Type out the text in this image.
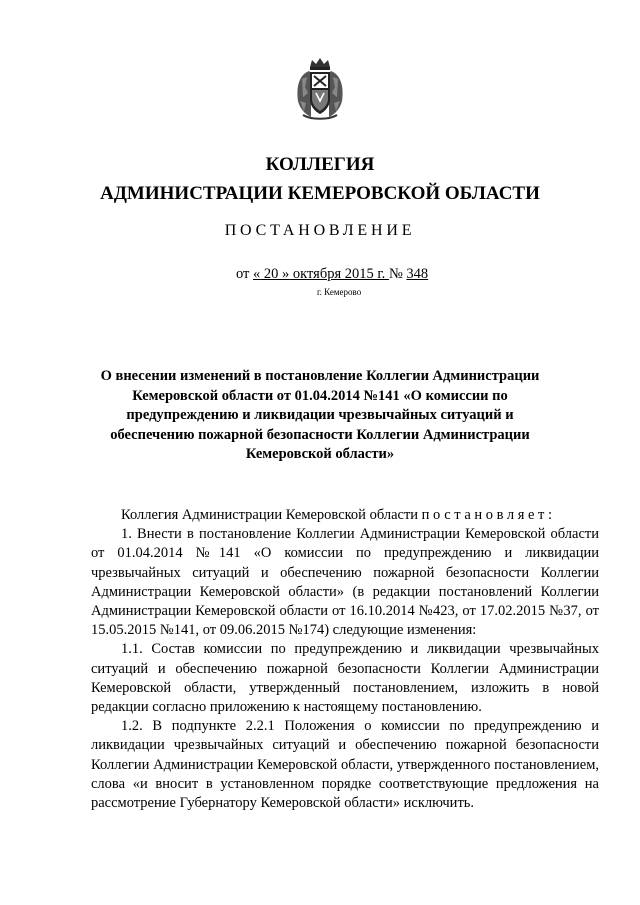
КОЛЛЕГИЯ
АДМИНИСТРАЦИИ КЕМЕРОВСКОЙ ОБЛАСТИ
ПОСТАНОВЛЕНИЕ
от « 20 » октября 2015 г. № 348
г. Кемерово
О внесении изменений в постановление Коллегии Администрации Кемеровской области от 01.04.2014 №141 «О комиссии по предупреждению и ликвидации чрезвычайных ситуаций и обеспечению пожарной безопасности Коллегии Администрации Кемеровской области»

Коллегия Администрации Кемеровской области постановляет:

1. Внести в постановление Коллегии Администрации Кемеровской области от 01.04.2014 №141 «О комиссии по предупреждению и ликвидации чрезвычайных ситуаций и обеспечению пожарной безопасности Коллегии Администрации Кемеровской области» (в редакции постановлений Коллегии Администрации Кемеровской области от 16.10.2014 №423, от 17.02.2015 №37, от 15.05.2015 №141, от 09.06.2015 №174) следующие изменения:

1.1. Состав комиссии по предупреждению и ликвидации чрезвычайных ситуаций и обеспечению пожарной безопасности Коллегии Администрации Кемеровской области, утвержденный постановлением, изложить в новой редакции согласно приложению к настоящему постановлению.

1.2. В подпункте 2.2.1 Положения о комиссии по предупреждению и ликвидации чрезвычайных ситуаций и обеспечению пожарной безопасности Коллегии Администрации Кемеровской области, утвержденного постановлением, слова «и вносит в установленном порядке соответствующие предложения на рассмотрение Губернатору Кемеровской области» исключить.
